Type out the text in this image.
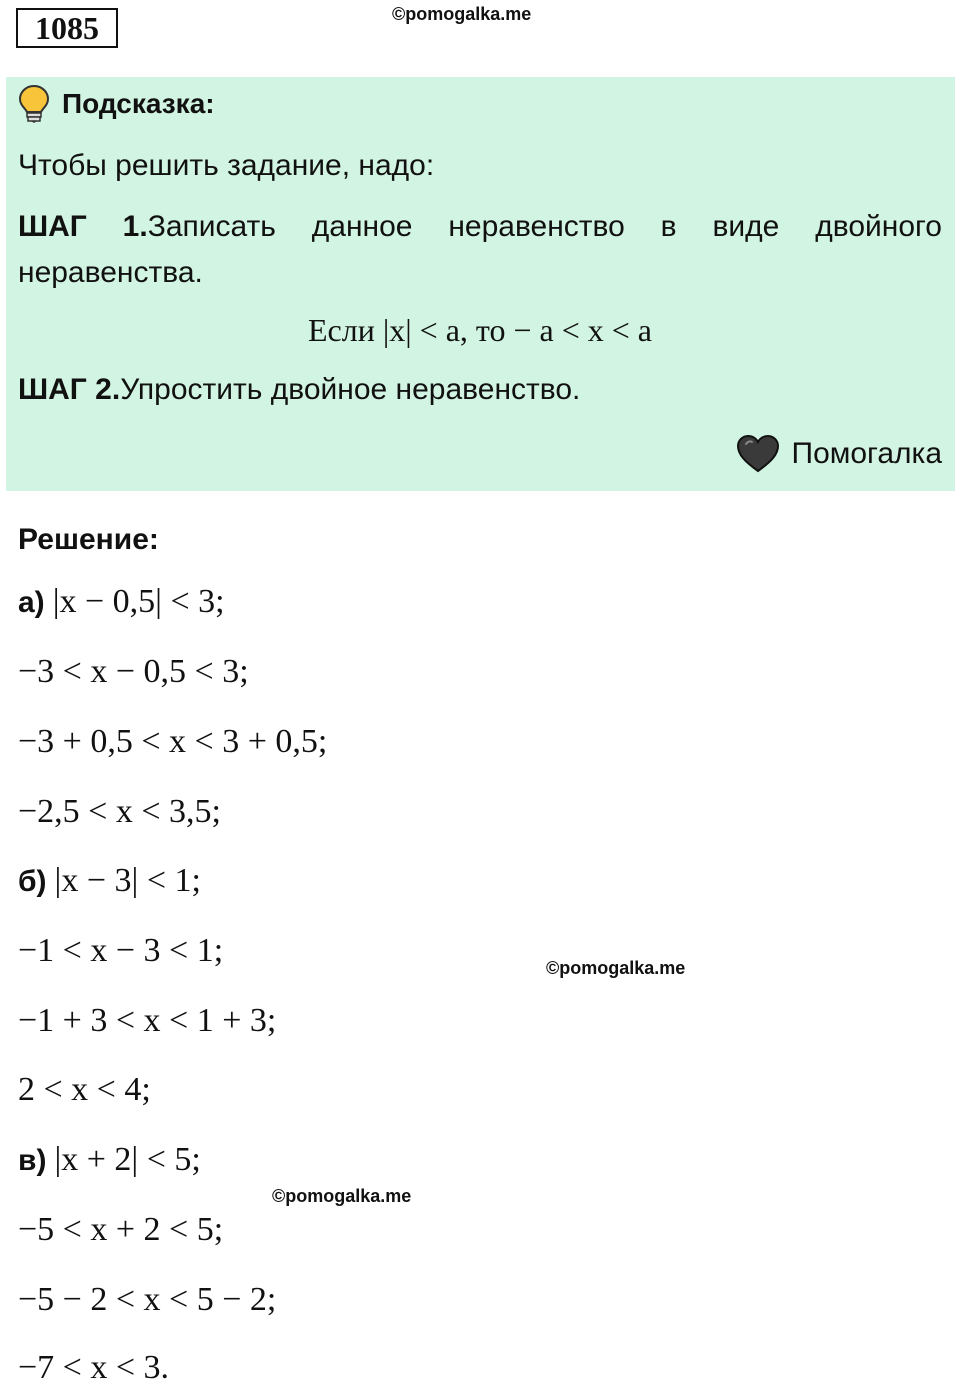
1085	©pomogalka.me
Подсказка:
Чтобы решить задание, надо:
ШАГ 1.Записать данное неравенство в виде двойного неравенства.
Если |x| < a, то − a < x < a
ШАГ 2.Упростить двойное неравенство.
Помогалка
Решение:
а) |x − 0,5| < 3;
−3 < x − 0,5 < 3;
−3 + 0,5 < x < 3 + 0,5;
−2,5 < x < 3,5;
б) |x − 3| < 1;
−1 < x − 3 < 1;	©pomogalka.me
−1 + 3 < x < 1 + 3;
2 < x < 4;
в) |x + 2| < 5;
©pomogalka.me
−5 < x + 2 < 5;
−5 − 2 < x < 5 − 2;
−7 < x < 3.
